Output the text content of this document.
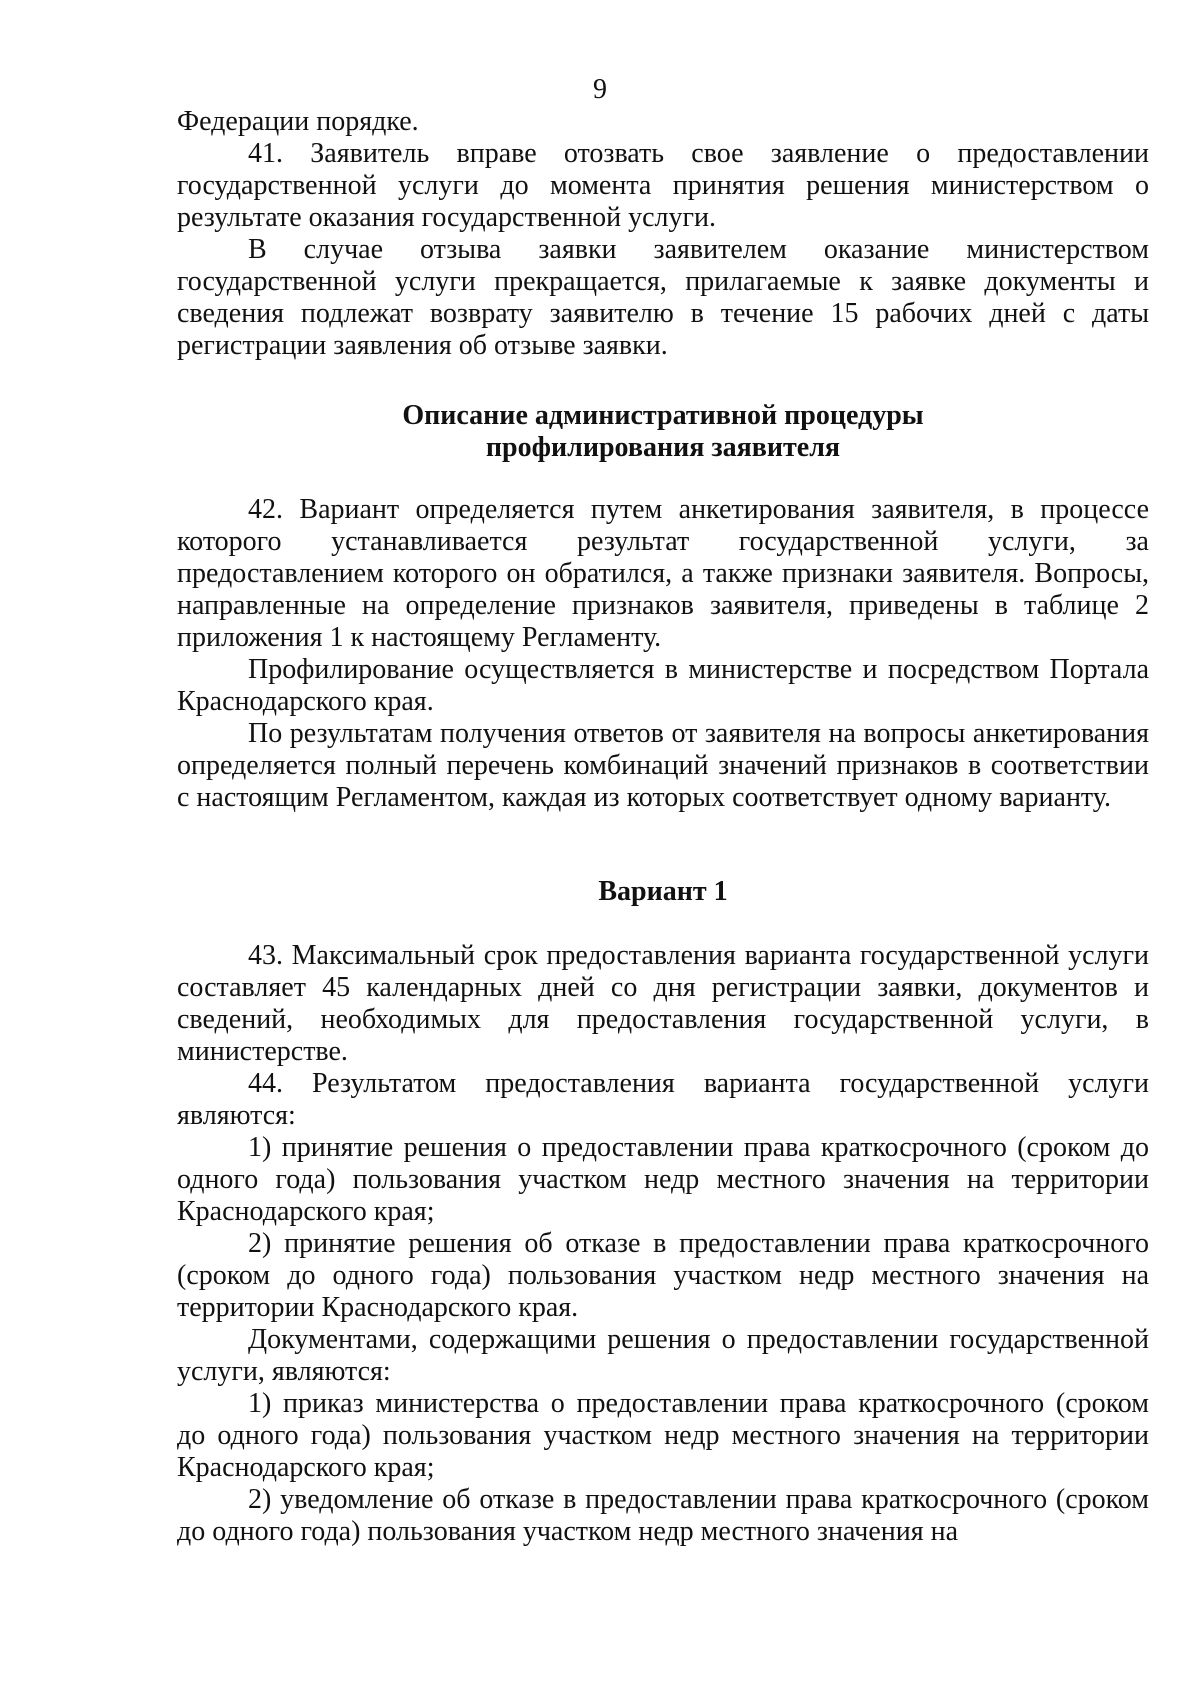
9

Федерации порядке.

41. Заявитель вправе отозвать свое заявление о предоставлении государственной услуги до момента принятия решения министерством о результате оказания государственной услуги.

В случае отзыва заявки заявителем оказание министерством государственной услуги прекращается, прилагаемые к заявке документы и сведения подлежат возврату заявителю в течение 15 рабочих дней с даты регистрации заявления об отзыве заявки.

Описание административной процедуры

профилирования заявителя

42. Вариант определяется путем анкетирования заявителя, в процессе которого устанавливается результат государственной услуги, за предоставлением которого он обратился, а также признаки заявителя. Вопросы, направленные на определение признаков заявителя, приведены в таблице 2 приложения 1 к настоящему Регламенту.

Профилирование осуществляется в министерстве и посредством Портала Краснодарского края.

По результатам получения ответов от заявителя на вопросы анкетирования определяется полный перечень комбинаций значений признаков в соответствии с настоящим Регламентом, каждая из которых соответствует одному варианту.

Вариант 1

43. Максимальный срок предоставления варианта государственной услуги составляет 45 календарных дней со дня регистрации заявки, документов и сведений, необходимых для предоставления государственной услуги, в министерстве.

44. Результатом предоставления варианта государственной услуги являются:

1) принятие решения о предоставлении права краткосрочного (сроком до одного года) пользования участком недр местного значения на территории Краснодарского края;

2) принятие решения об отказе в предоставлении права краткосрочного (сроком до одного года) пользования участком недр местного значения на территории Краснодарского края.

Документами, содержащими решения о предоставлении государственной услуги, являются:

1) приказ министерства о предоставлении права краткосрочного (сроком до одного года) пользования участком недр местного значения на территории Краснодарского края;

2) уведомление об отказе в предоставлении права краткосрочного (сроком до одного года) пользования участком недр местного значения на
